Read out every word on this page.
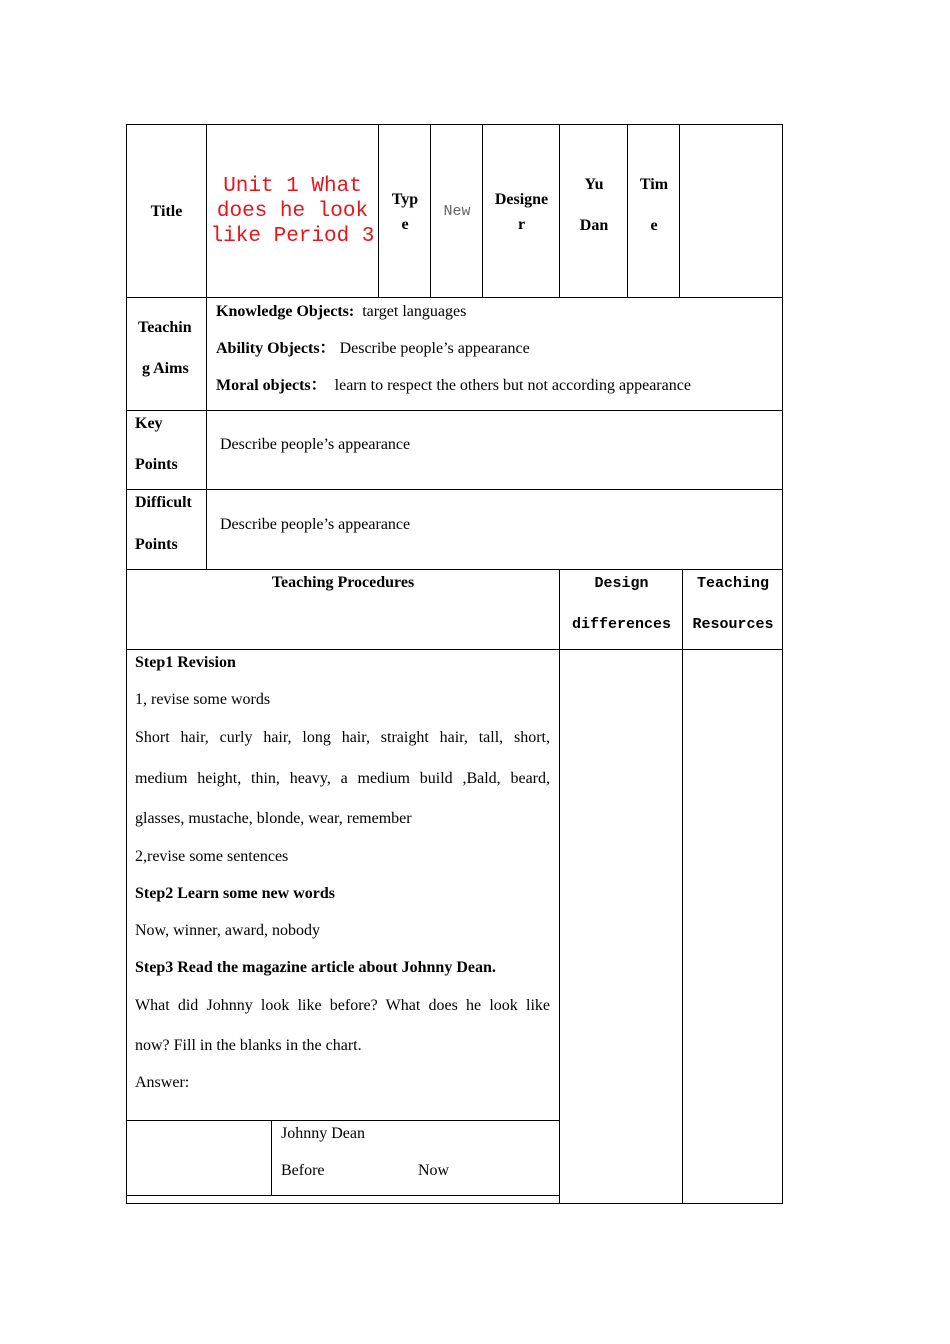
Title
Unit 1 What
does he look
like Period 3
Typ
e
New
Designe
r
Yu
Dan
Tim
e
Teachin
g Aims
Knowledge Objects: target languages
Ability Objects： Describe people’s appearance
Moral objects： learn to respect the others but not according appearance
Key
Points
Describe people’s appearance
Difficult
Points
Describe people’s appearance
Teaching Procedures	Design
differences
Teaching
Resources
Step1 Revision
1, revise some words
Short hair, curly hair, long hair, straight hair, tall, short,
medium height, thin, heavy, a medium build ,Bald, beard,
glasses, mustache, blonde, wear, remember
2,revise some sentences
Step2 Learn some new words
Now, winner, award, nobody
Step3 Read the magazine article about Johnny Dean.
What did Johnny look like before? What does he look like
now? Fill in the blanks in the chart.
Answer:
Johnny Dean
Before	Now
